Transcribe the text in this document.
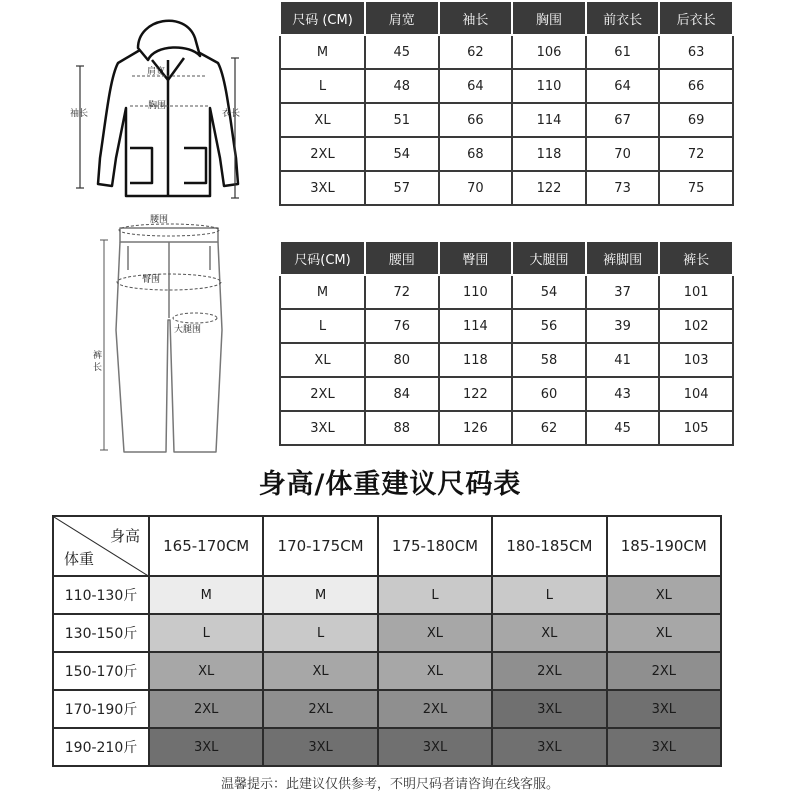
肩宽
胸围
袖长	衣长
尺码 (CM)	肩宽	袖长	胸围	前衣长	后衣长
M	45	62	106	61	63
L	48	64	110	64	66
XL	51	66	114	67	69
2XL	54	68	118	70	72
3XL	57	70	122	73	75
腰围
臀围
大腿围
裤
长
尺码(CM)	腰围	臀围	大腿围	裤脚围	裤长
M	72	110	54	37	101
L	76	114	56	39	102
XL	80	118	58	41	103
2XL	84	122	60	43	104
3XL	88	126	62	45	105
身高/体重建议尺码表
身高
体重	165-170CM	170-175CM	175-180CM	180-185CM	185-190CM
110-130斤	M	M	L	L	XL
130-150斤	L	L	XL	XL	XL
150-170斤	XL	XL	XL	2XL	2XL
170-190斤	2XL	2XL	2XL	3XL	3XL
190-210斤	3XL	3XL	3XL	3XL	3XL
温馨提示：此建议仅供参考，不明尺码者请咨询在线客服。
